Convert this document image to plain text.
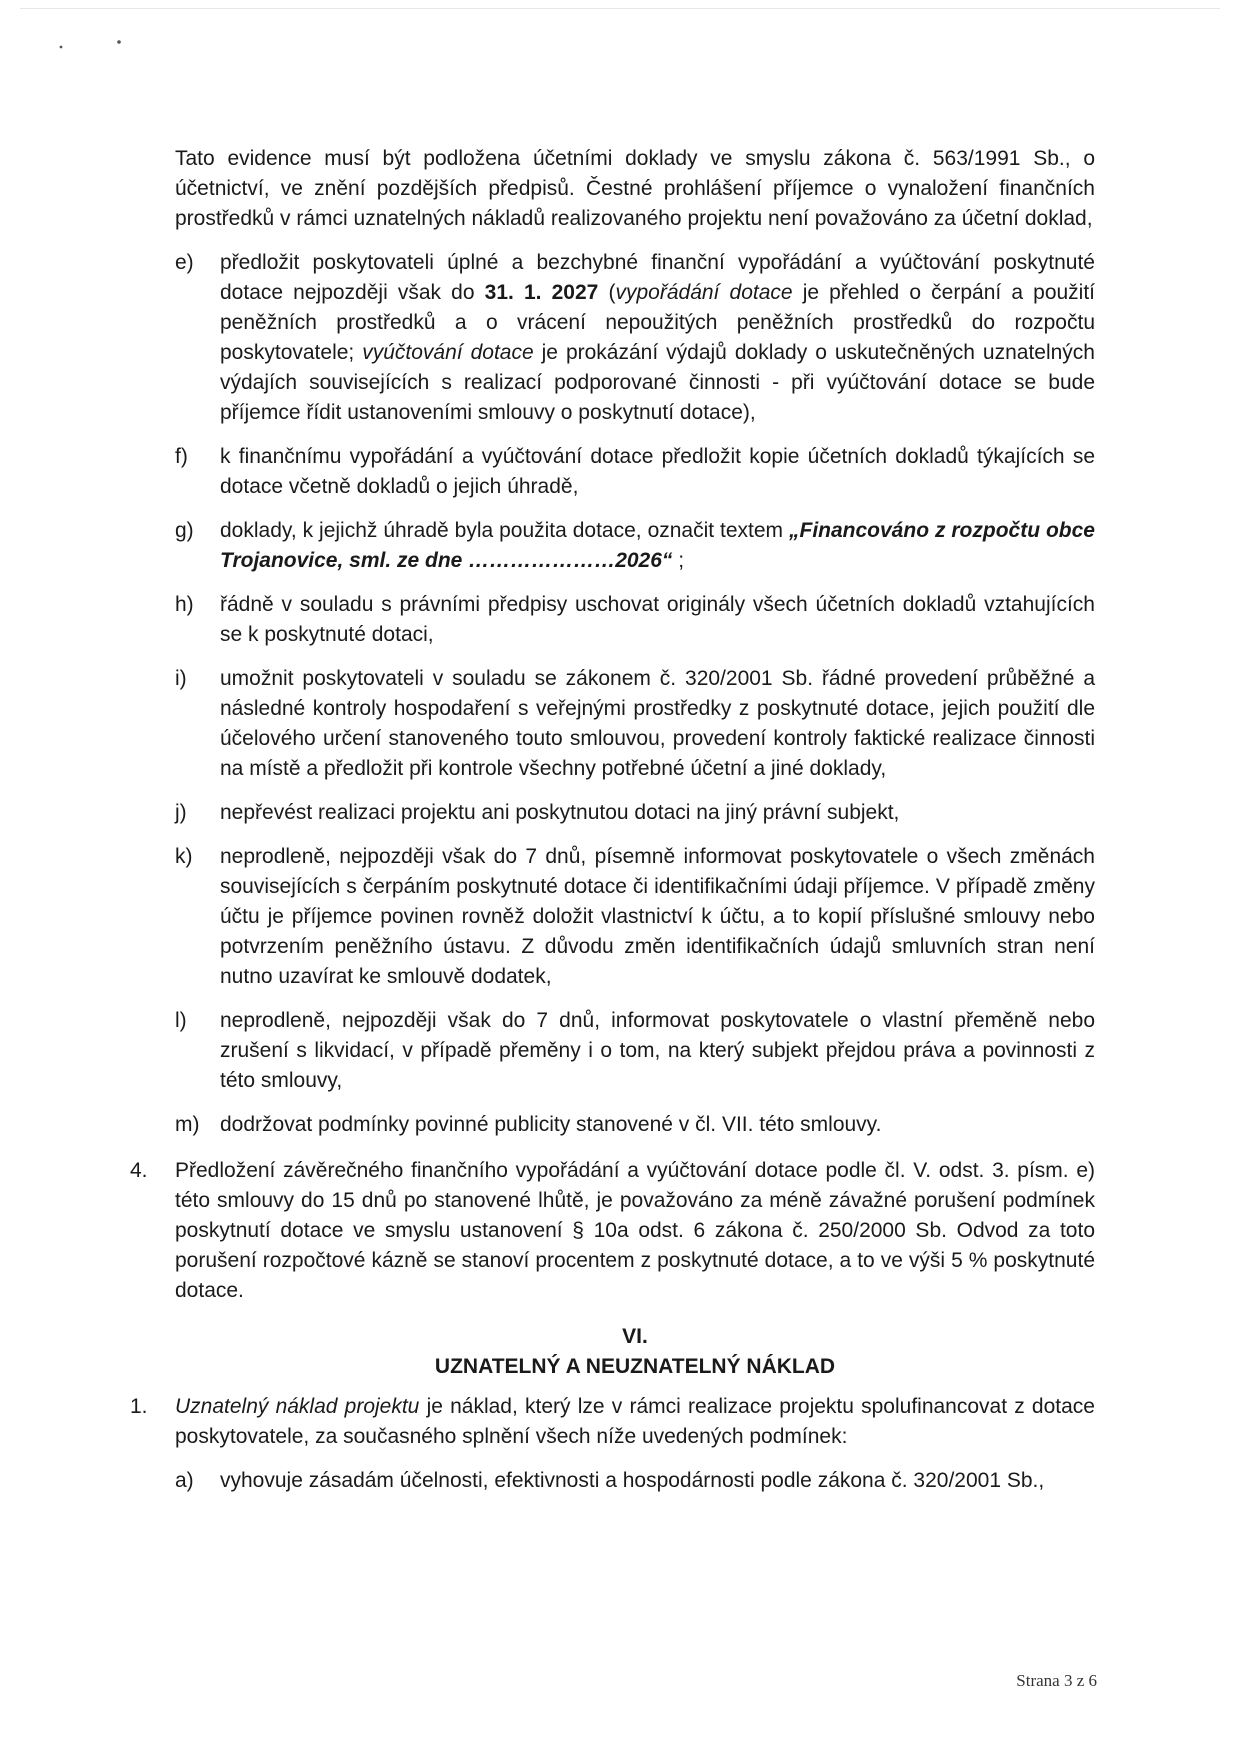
Tato evidence musí být podložena účetními doklady ve smyslu zákona č. 563/1991 Sb., o účetnictví, ve znění pozdějších předpisů. Čestné prohlášení příjemce o vynaložení finančních prostředků v rámci uznatelných nákladů realizovaného projektu není považováno za účetní doklad,

e)	předložit poskytovateli úplné a bezchybné finanční vypořádání a vyúčtování poskytnuté dotace nejpozději však do 31. 1. 2027 (vypořádání dotace je přehled o čerpání a použití peněžních prostředků a o vrácení nepoužitých peněžních prostředků do rozpočtu poskytovatele; vyúčtování dotace je prokázání výdajů doklady o uskutečněných uznatelných výdajích souvisejících s realizací podporované činnosti - při vyúčtování dotace se bude příjemce řídit ustanoveními smlouvy o poskytnutí dotace),
f)	k finančnímu vypořádání a vyúčtování dotace předložit kopie účetních dokladů týkajících se dotace včetně dokladů o jejich úhradě,
g)	doklady, k jejichž úhradě byla použita dotace, označit textem „Financováno z rozpočtu obce Trojanovice, sml. ze dne …………………2026“ ;
h)	řádně v souladu s právními předpisy uschovat originály všech účetních dokladů vztahujících se k poskytnuté dotaci,
i)	umožnit poskytovateli v souladu se zákonem č. 320/2001 Sb. řádné provedení průběžné a následné kontroly hospodaření s veřejnými prostředky z poskytnuté dotace, jejich použití dle účelového určení stanoveného touto smlouvou, provedení kontroly faktické realizace činnosti na místě a předložit při kontrole všechny potřebné účetní a jiné doklady,
j)	nepřevést realizaci projektu ani poskytnutou dotaci na jiný právní subjekt,
k)	neprodleně, nejpozději však do 7 dnů, písemně informovat poskytovatele o všech změnách souvisejících s čerpáním poskytnuté dotace či identifikačními údaji příjemce. V případě změny účtu je příjemce povinen rovněž doložit vlastnictví k účtu, a to kopií příslušné smlouvy nebo potvrzením peněžního ústavu. Z důvodu změn identifikačních údajů smluvních stran není nutno uzavírat ke smlouvě dodatek,
l)	neprodleně, nejpozději však do 7 dnů, informovat poskytovatele o vlastní přeměně nebo zrušení s likvidací, v případě přeměny i o tom, na který subjekt přejdou práva a povinnosti z této smlouvy,
m) dodržovat podmínky povinné publicity stanovené v čl. VII. této smlouvy.
4. Předložení závěrečného finančního vypořádání a vyúčtování dotace podle čl. V. odst. 3. písm. e) této smlouvy do 15 dnů po stanovené lhůtě, je považováno za méně závažné porušení podmínek poskytnutí dotace ve smyslu ustanovení § 10a odst. 6 zákona č. 250/2000 Sb. Odvod za toto porušení rozpočtové kázně se stanoví procentem z poskytnuté dotace, a to ve výši 5 % poskytnuté dotace.

VI.

UZNATELNÝ A NEUZNATELNÝ NÁKLAD

1. Uznatelný náklad projektu je náklad, který lze v rámci realizace projektu spolufinancovat z dotace poskytovatele, za současného splnění všech níže uvedených podmínek:
a)	vyhovuje zásadám účelnosti, efektivnosti a hospodárnosti podle zákona č. 320/2001 Sb.,
Strana 3 z 6
